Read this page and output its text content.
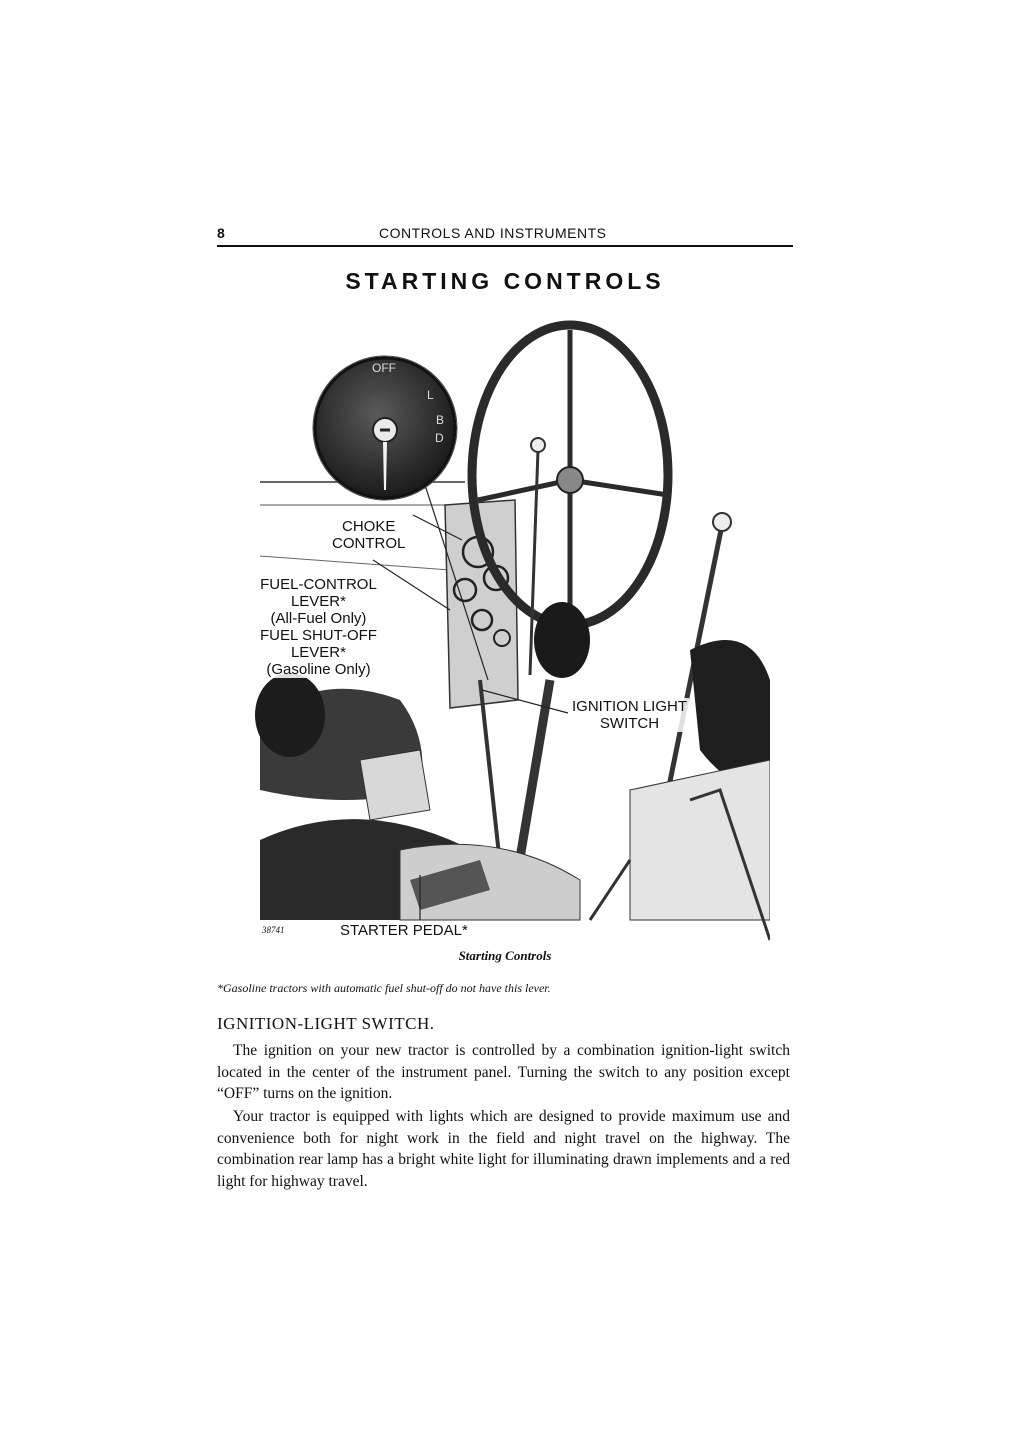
8	CONTROLS AND INSTRUMENTS
STARTING CONTROLS
OFF
L
B
D
CHOKE
CONTROL
FUEL-CONTROL
LEVER*
(All-Fuel Only)
FUEL SHUT-OFF
LEVER*
(Gasoline Only)
IGNITION LIGHT
SWITCH
STARTER PEDAL*
38741
Starting Controls
*Gasoline tractors with automatic fuel shut-off do not have this lever.
IGNITION-LIGHT SWITCH.

The ignition on your new tractor is controlled by a combination ignition-light switch located in the center of the instrument panel. Turning the switch to any position except “OFF” turns on the ignition.

Your tractor is equipped with lights which are designed to provide maximum use and convenience both for night work in the field and night travel on the highway. The combination rear lamp has a bright white light for illuminating drawn implements and a red light for highway travel.
